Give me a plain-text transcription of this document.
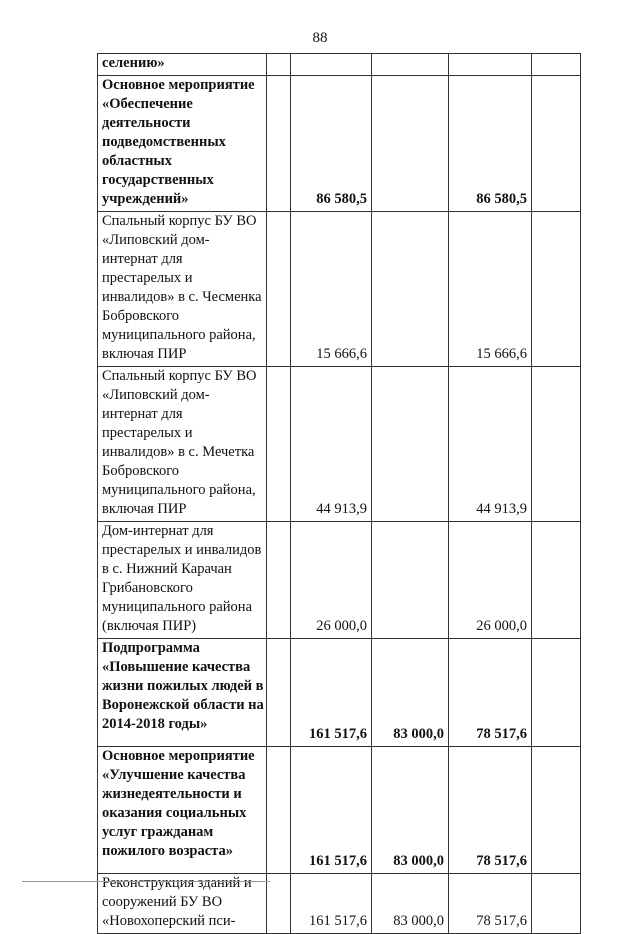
88
селению»					
Основное мероприятие «Обеспечение деятельности подведомственных областных государственных учреждений»		86 580,5		86 580,5	
Спальный корпус БУ ВО «Липовский дом-интернат для престарелых и инвалидов» в с. Чесменка Бобровского муниципального района, включая ПИР		15 666,6		15 666,6	
Спальный корпус БУ ВО «Липовский дом-интернат для престарелых и инвалидов» в с. Мечетка Бобровского муниципального района, включая ПИР		44 913,9		44 913,9	
Дом-интернат для престарелых и инвалидов в с. Нижний Карачан Грибановского муниципального района (включая ПИР)		26 000,0		26 000,0	
Подпрограмма «Повышение качества жизни пожилых людей в Воронежской области на 2014-2018 годы»		161 517,6	83 000,0	78 517,6	
Основное мероприятие «Улучшение качества жизнедеятельности и оказания социальных услуг гражданам пожилого возраста»		161 517,6	83 000,0	78 517,6	
Реконструкция зданий и сооружений БУ ВО «Новохоперский пси-		161 517,6	83 000,0	78 517,6	
